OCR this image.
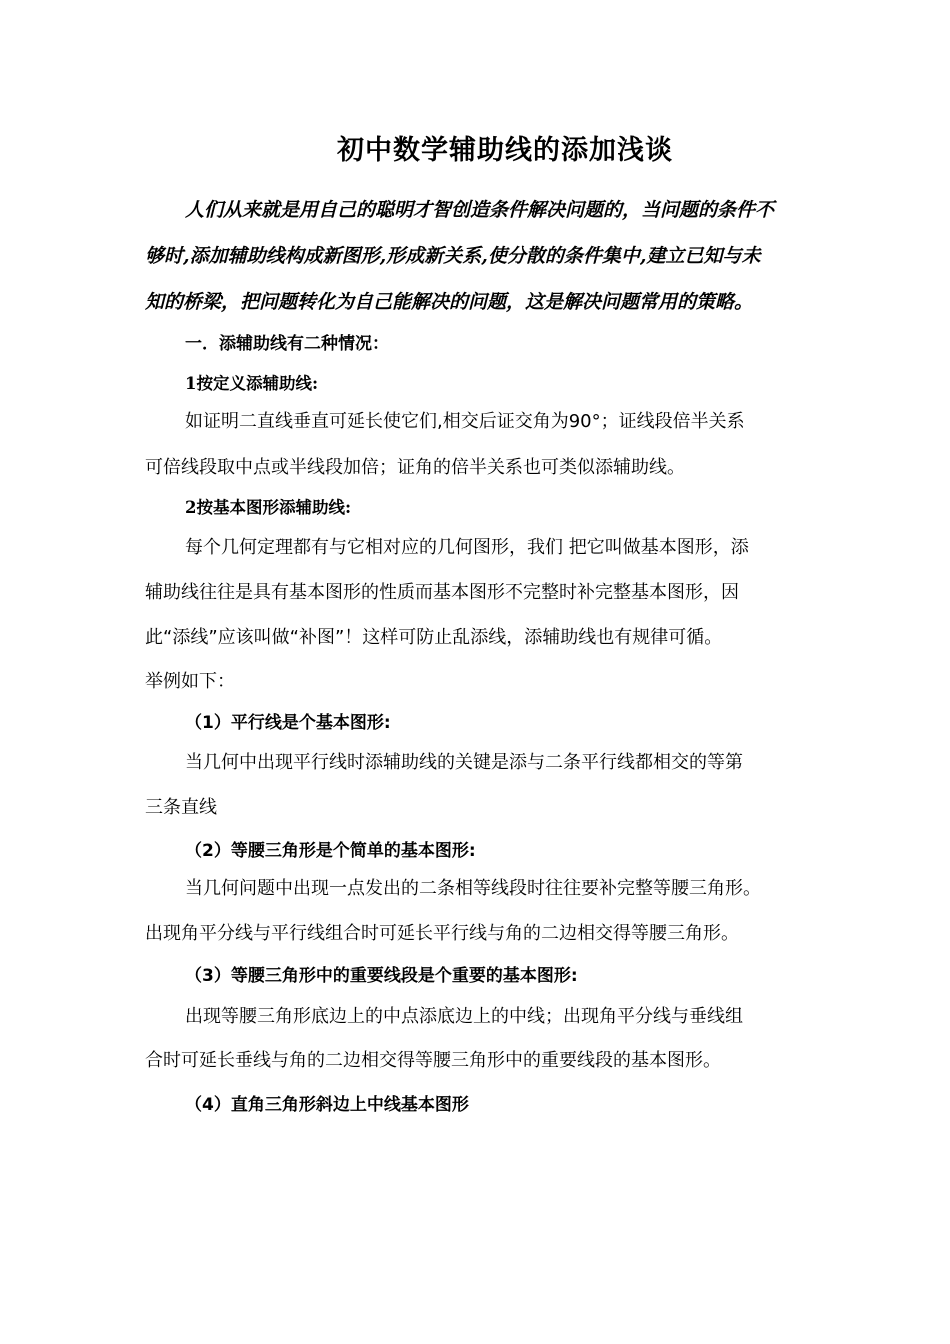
初中数学辅助线的添加浅谈
人们从来就是用自己的聪明才智创造条件解决问题的，当问题的条件不
够时,添加辅助线构成新图形,形成新关系,使分散的条件集中,建立已知与未
知的桥梁，把问题转化为自己能解决的问题，这是解决问题常用的策略。
一．添辅助线有二种情况：
1按定义添辅助线:
如证明二直线垂直可延长使它们,相交后证交角为90°；证线段倍半关系
可倍线段取中点或半线段加倍；证角的倍半关系也可类似添辅助线。
2按基本图形添辅助线:
每个几何定理都有与它相对应的几何图形，我们 把它叫做基本图形，添
辅助线往往是具有基本图形的性质而基本图形不完整时补完整基本图形，因
此“添线”应该叫做“补图”！这样可防止乱添线，添辅助线也有规律可循。
举例如下：
（1）平行线是个基本图形:
当几何中出现平行线时添辅助线的关键是添与二条平行线都相交的等第
三条直线
（2）等腰三角形是个简单的基本图形:
当几何问题中出现一点发出的二条相等线段时往往要补完整等腰三角形。
出现角平分线与平行线组合时可延长平行线与角的二边相交得等腰三角形。
（3）等腰三角形中的重要线段是个重要的基本图形:
出现等腰三角形底边上的中点添底边上的中线；出现角平分线与垂线组
合时可延长垂线与角的二边相交得等腰三角形中的重要线段的基本图形。
（4）直角三角形斜边上中线基本图形
